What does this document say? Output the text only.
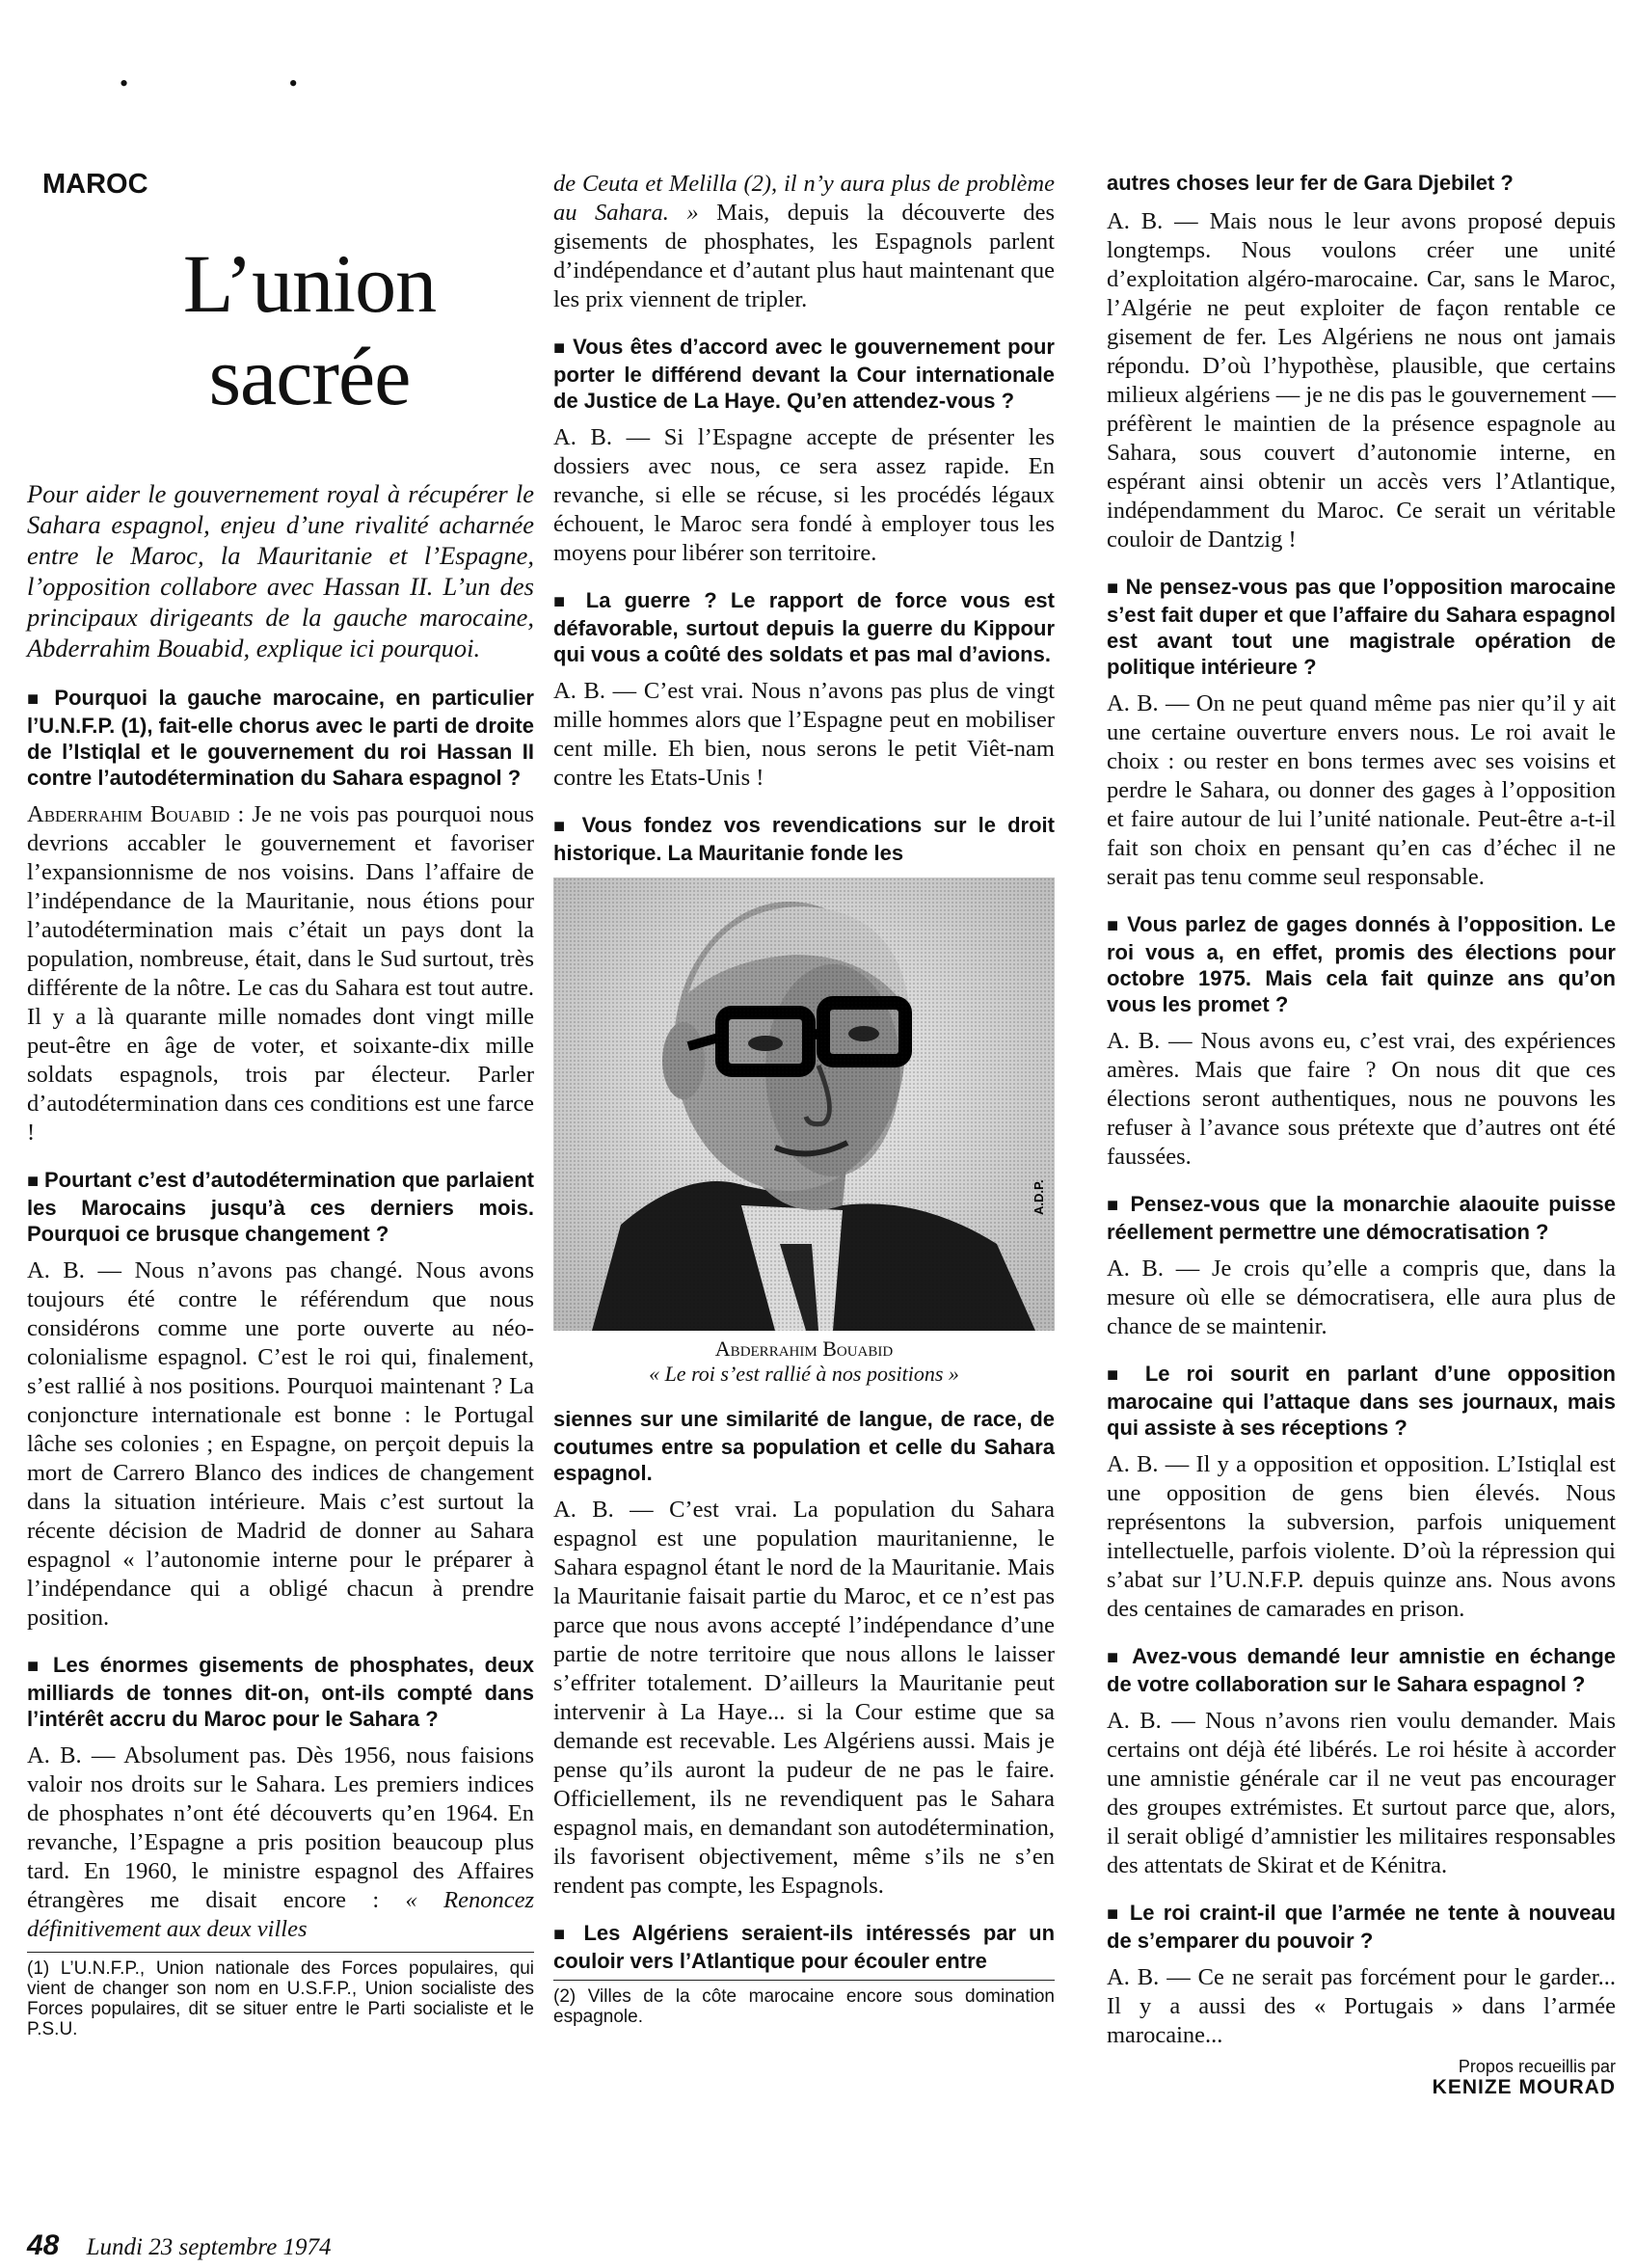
• •
MAROC
L’union
sacrée
Pour aider le gouvernement royal à récupérer le Sahara espagnol, enjeu d’une rivalité acharnée entre le Maroc, la Mauritanie et l’Espagne, l’opposition collabore avec Hassan II. L’un des principaux dirigeants de la gauche marocaine, Abderrahim Bouabid, explique ici pourquoi.
■ Pourquoi la gauche marocaine, en particulier l’U.N.F.P. (1), fait-elle chorus avec le parti de droite de l’Istiqlal et le gouvernement du roi Hassan II contre l’autodétermination du Sahara espagnol ?
Abderrahim Bouabid : Je ne vois pas pourquoi nous devrions accabler le gouvernement et favoriser l’expansionnisme de nos voisins. Dans l’affaire de l’indépendance de la Mauritanie, nous étions pour l’autodétermination mais c’était un pays dont la population, nombreuse, était, dans le Sud surtout, très différente de la nôtre. Le cas du Sahara est tout autre. Il y a là quarante mille nomades dont vingt mille peut-être en âge de voter, et soixante-dix mille soldats espagnols, trois par électeur. Parler d’autodétermination dans ces conditions est une farce !
■ Pourtant c’est d’autodétermination que parlaient les Marocains jusqu’à ces derniers mois. Pourquoi ce brusque changement ?
A. B. — Nous n’avons pas changé. Nous avons toujours été contre le référendum que nous considérons comme une porte ouverte au néo-colonialisme espagnol. C’est le roi qui, finalement, s’est rallié à nos positions. Pourquoi maintenant ? La conjoncture internationale est bonne : le Portugal lâche ses colonies ; en Espagne, on perçoit depuis la mort de Carrero Blanco des indices de changement dans la situation intérieure. Mais c’est surtout la récente décision de Madrid de donner au Sahara espagnol « l’autonomie interne pour le préparer à l’indépendance qui a obligé chacun à prendre position.
■ Les énormes gisements de phosphates, deux milliards de tonnes dit-on, ont-ils compté dans l’intérêt accru du Maroc pour le Sahara ?
A. B. — Absolument pas. Dès 1956, nous faisions valoir nos droits sur le Sahara. Les premiers indices de phosphates n’ont été découverts qu’en 1964. En revanche, l’Espagne a pris position beaucoup plus tard. En 1960, le ministre espagnol des Affaires étrangères me disait encore : « Renoncez définitivement aux deux villes
(1) L’U.N.F.P., Union nationale des Forces populaires, qui vient de changer son nom en U.S.F.P., Union socialiste des Forces populaires, dit se situer entre le Parti socialiste et le P.S.U.
de Ceuta et Melilla (2), il n’y aura plus de problème au Sahara. » Mais, depuis la découverte des gisements de phosphates, les Espagnols parlent d’indépendance et d’autant plus haut maintenant que les prix viennent de tripler.
■ Vous êtes d’accord avec le gouvernement pour porter le différend devant la Cour internationale de Justice de La Haye. Qu’en attendez-vous ?
A. B. — Si l’Espagne accepte de présenter les dossiers avec nous, ce sera assez rapide. En revanche, si elle se récuse, si les procédés légaux échouent, le Maroc sera fondé à employer tous les moyens pour libérer son territoire.
■ La guerre ? Le rapport de force vous est défavorable, surtout depuis la guerre du Kippour qui vous a coûté des soldats et pas mal d’avions.
A. B. — C’est vrai. Nous n’avons pas plus de vingt mille hommes alors que l’Espagne peut en mobiliser cent mille. Eh bien, nous serons le petit Viêt-nam contre les Etats-Unis !
■ Vous fondez vos revendications sur le droit historique. La Mauritanie fonde les
A.D.P.
Abderrahim Bouabid
« Le roi s’est rallié à nos positions »
siennes sur une similarité de langue, de race, de coutumes entre sa population et celle du Sahara espagnol.
A. B. — C’est vrai. La population du Sahara espagnol est une population mauritanienne, le Sahara espagnol étant le nord de la Mauritanie. Mais la Mauritanie faisait partie du Maroc, et ce n’est pas parce que nous avons accepté l’indépendance d’une partie de notre territoire que nous allons le laisser s’effriter totalement. D’ailleurs la Mauritanie peut intervenir à La Haye... si la Cour estime que sa demande est recevable. Les Algériens aussi. Mais je pense qu’ils auront la pudeur de ne pas le faire. Officiellement, ils ne revendiquent pas le Sahara espagnol mais, en demandant son autodétermination, ils favorisent objectivement, même s’ils ne s’en rendent pas compte, les Espagnols.
■ Les Algériens seraient-ils intéressés par un couloir vers l’Atlantique pour écouler entre
(2) Villes de la côte marocaine encore sous domination espagnole.
autres choses leur fer de Gara Djebilet ?
A. B. — Mais nous le leur avons proposé depuis longtemps. Nous voulons créer une unité d’exploitation algéro-marocaine. Car, sans le Maroc, l’Algérie ne peut exploiter de façon rentable ce gisement de fer. Les Algériens ne nous ont jamais répondu. D’où l’hypothèse, plausible, que certains milieux algériens — je ne dis pas le gouvernement — préfèrent le maintien de la présence espagnole au Sahara, sous couvert d’autonomie interne, en espérant ainsi obtenir un accès vers l’Atlantique, indépendamment du Maroc. Ce serait un véritable couloir de Dantzig !
■ Ne pensez-vous pas que l’opposition marocaine s’est fait duper et que l’affaire du Sahara espagnol est avant tout une magistrale opération de politique intérieure ?
A. B. — On ne peut quand même pas nier qu’il y ait une certaine ouverture envers nous. Le roi avait le choix : ou rester en bons termes avec ses voisins et perdre le Sahara, ou donner des gages à l’opposition et faire autour de lui l’unité nationale. Peut-être a-t-il fait son choix en pensant qu’en cas d’échec il ne serait pas tenu comme seul responsable.
■ Vous parlez de gages donnés à l’opposition. Le roi vous a, en effet, promis des élections pour octobre 1975. Mais cela fait quinze ans qu’on vous les promet ?
A. B. — Nous avons eu, c’est vrai, des expériences amères. Mais que faire ? On nous dit que ces élections seront authentiques, nous ne pouvons les refuser à l’avance sous prétexte que d’autres ont été faussées.
■ Pensez-vous que la monarchie alaouite puisse réellement permettre une démocratisation ?
A. B. — Je crois qu’elle a compris que, dans la mesure où elle se démocratisera, elle aura plus de chance de se maintenir.
■ Le roi sourit en parlant d’une opposition marocaine qui l’attaque dans ses journaux, mais qui assiste à ses réceptions ?
A. B. — Il y a opposition et opposition. L’Istiqlal est une opposition de gens bien élevés. Nous représentons la subversion, parfois uniquement intellectuelle, parfois violente. D’où la répression qui s’abat sur l’U.N.F.P. depuis quinze ans. Nous avons des centaines de camarades en prison.
■ Avez-vous demandé leur amnistie en échange de votre collaboration sur le Sahara espagnol ?
A. B. — Nous n’avons rien voulu demander. Mais certains ont déjà été libérés. Le roi hésite à accorder une amnistie générale car il ne veut pas encourager des groupes extrémistes. Et surtout parce que, alors, il serait obligé d’amnistier les militaires responsables des attentats de Skirat et de Kénitra.
■ Le roi craint-il que l’armée ne tente à nouveau de s’emparer du pouvoir ?
A. B. — Ce ne serait pas forcément pour le garder... Il y a aussi des « Portugais » dans l’armée marocaine...
Propos recueillis par
KENIZE MOURAD
48 Lundi 23 septembre 1974
